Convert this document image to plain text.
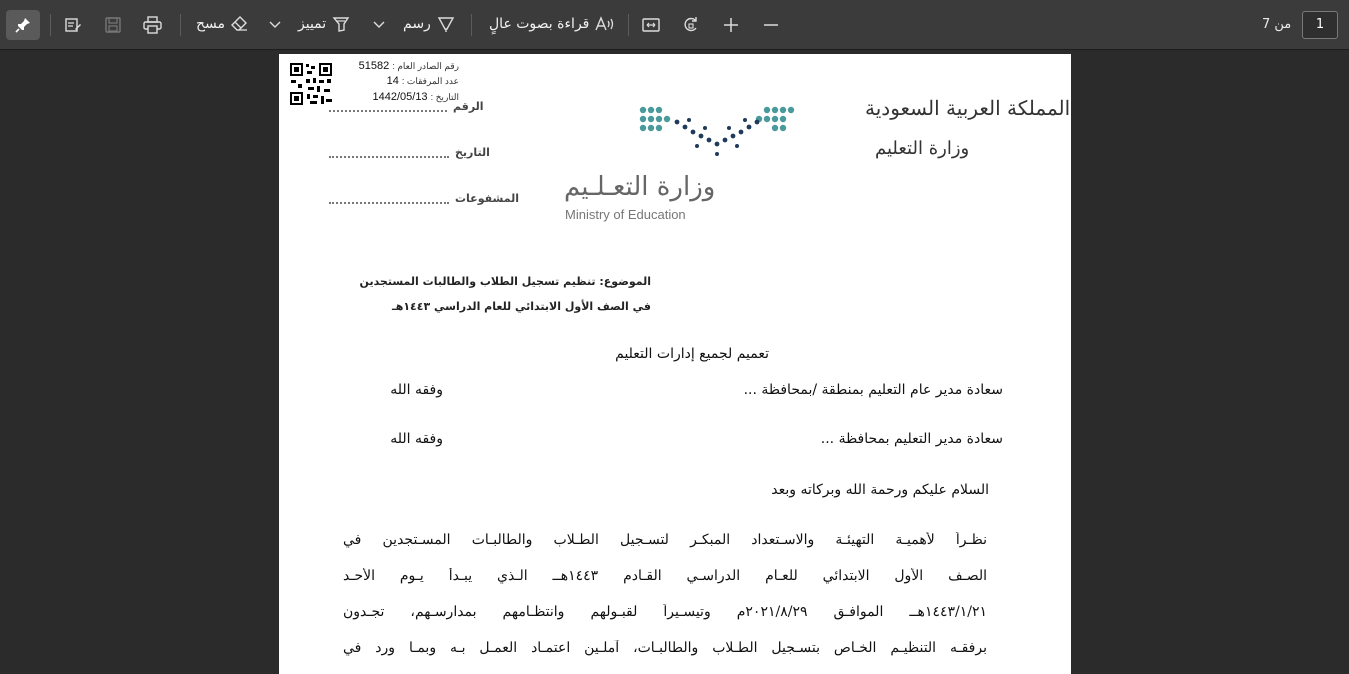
مسح	تمييز	رسم	قراءة بصوت عالٍ	من 7	1
رقم الصادر العام : 51582
عدد المرفقات : 14
التاريخ : 1442/05/13
الرقم
التاريخ
المشفوعات وزارة التعـلـيم
Ministry of Education
المملكة العربية السعودية
وزارة التعليم
الموضوع: تنظيم تسجيل الطلاب والطالبات المستجدين
في الصف الأول الابتدائي للعام الدراسي ١٤٤٣هـ
تعميم لجميع إدارات التعليم
سعادة مدير عام التعليم بمنطقة /بمحافظة ...
وفقه الله
سعادة مدير التعليم بمحافظة ...
وفقه الله
السلام عليكم ورحمة الله وبركاته وبعد
نظـراً لأهميـة التهيئـة والاسـتعداد المبكـر لتسـجيل الطـلاب والطالبـات المسـتجدين في
الصـف الأول الابتدائي للعـام الدراسـي القـادم ١٤٤٣هــ الـذي يبـدأ يـوم الأحـد
١٤٤٣/١/٢١هــ الموافـق ٢٠٢١/٨/٢٩م وتيسـيراً لقبـولهم وانتظـامهم بمدارسـهم، تجـدون
برفقـه التنظيـم الخـاص بتسـجيل الطـلاب والطالبـات، آملـين اعتمـاد العمـل بـه وبمـا ورد في
